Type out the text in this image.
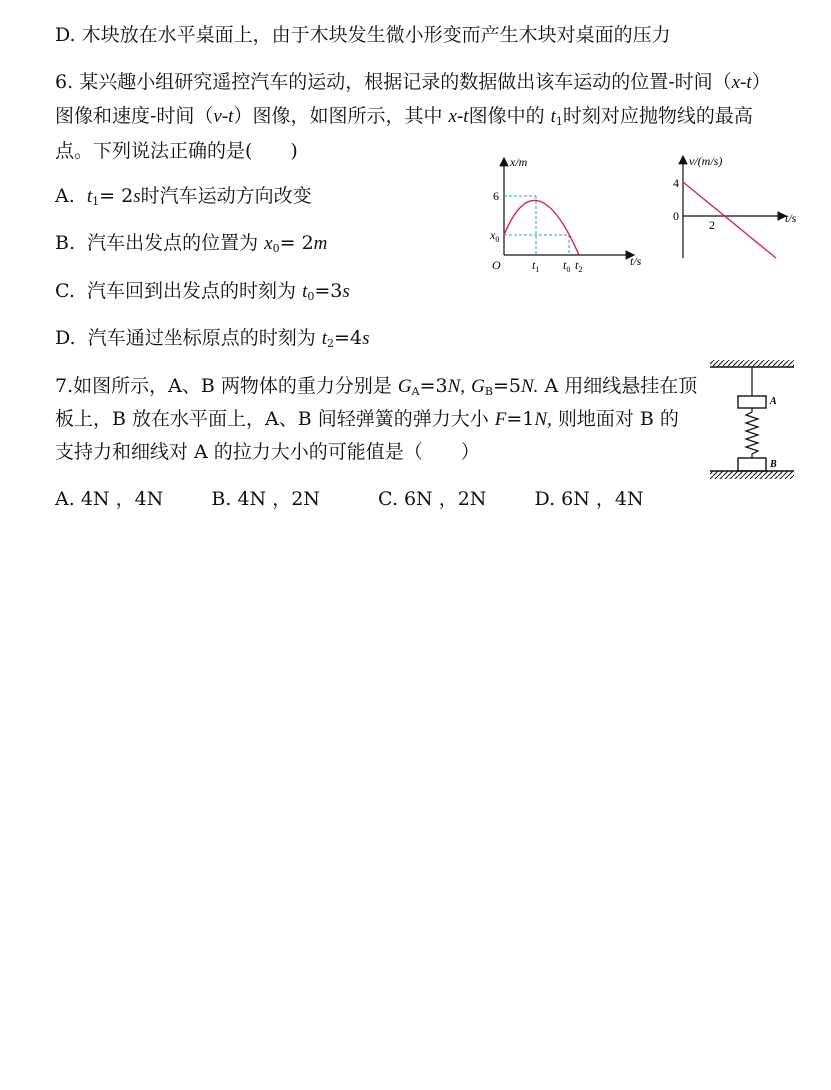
D. 木块放在水平桌面上，由于木块发生微小形变而产生木块对桌面的压力
6. 某兴趣小组研究遥控汽车的运动，根据记录的数据做出该车运动的位置-时间（x-t）
图像和速度-时间（v-t）图像，如图所示，其中 x-t图像中的 $t_1$时刻对应抛物线的最高
点。下列说法正确的是(　　)
A. $t_1= 2s$时汽车运动方向改变
B. 汽车出发点的位置为 $x_0= 2m$
C. 汽车回到出发点的时刻为 $t_0=3s$
D. 汽车通过坐标原点的时刻为 $t_2=4s$
x/m
t/s
O
6
$x_0$
$t_1$ $t_0$ $t_2$
v/(m/s)
t/s
4
0
2
7.如图所示，A、B 两物体的重力分别是 $G_A=3N$, $G_B=5N$. A 用细线悬挂在顶
板上，B 放在水平面上，A、B 间轻弹簧的弹力大小 F=1N, 则地面对 B 的
支持力和细线对 A 的拉力大小的可能值是（　　）
A. 4N ，4N	B. 4N ，2N	C. 6N ，2N	D. 6N ，4N
A
B
